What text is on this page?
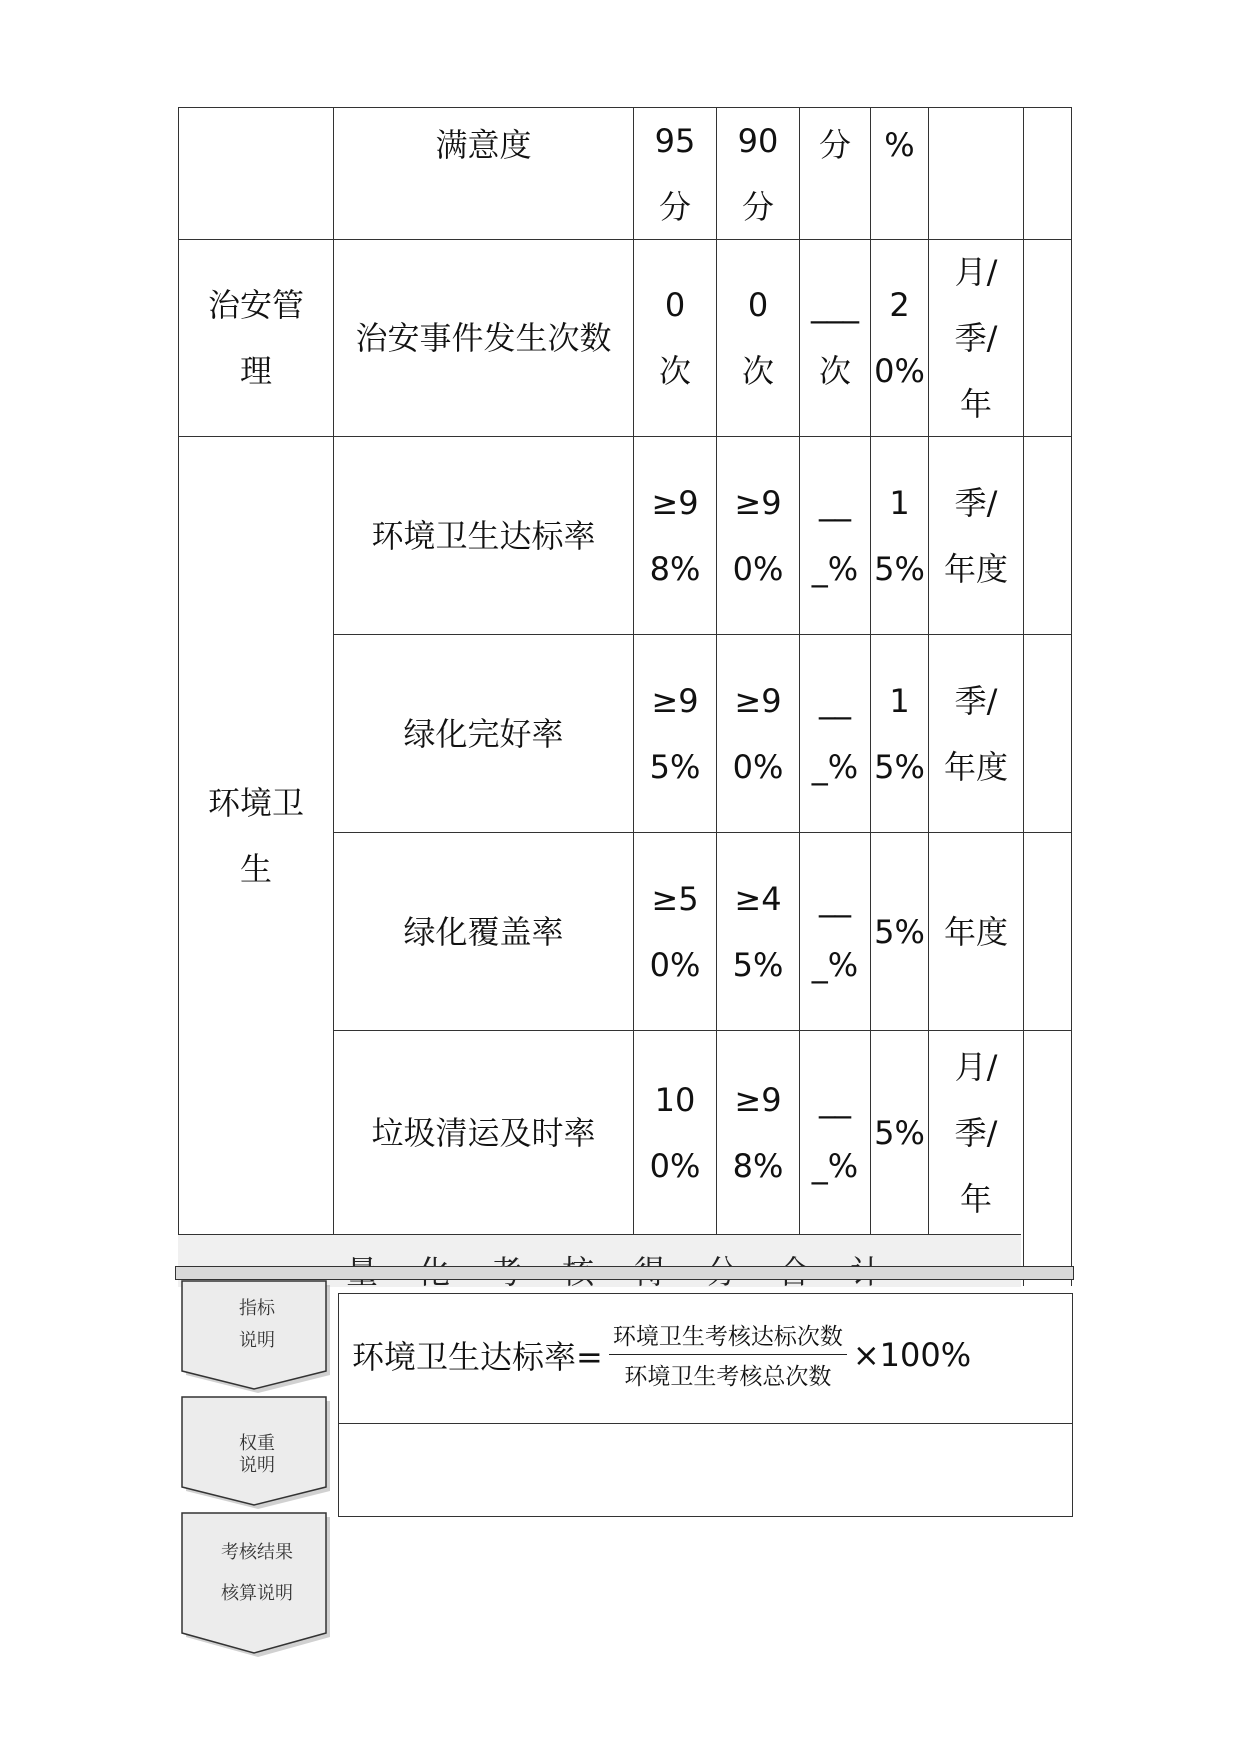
满意度	95分
90分
分	%
治安管理
治安事件发生次数
0次
0次
___次
20%
月/季/年
环境卫生
环境卫生达标率
≥98%
≥90%
___%
15%
季/年度
绿化完好率
≥95%
≥90%
___%
15%
季/年度
绿化覆盖率
≥50%
≥45%
___%
5% 年度
垃圾清运及时率
100%
≥98%
___%
5%
月/季/年
环境卫生达标率= $\frac{\text{环境卫生考核达标次数}}{\text{环境卫生考核总次数}} \times 100\%$
指标
说明
权重
说明
考核结果
核算说明
